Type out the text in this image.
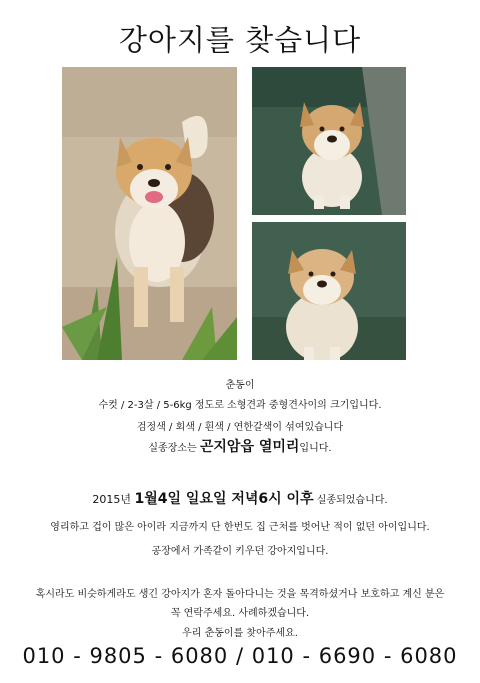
강아지를 찾습니다
춘동이
수컷 / 2-3살 / 5-6kg 정도로 소형견과 중형견사이의 크기입니다.
검정색 / 회색 / 흰색 / 연한갈색이 섞여있습니다
실종장소는 곤지암읍 열미리입니다.
2015년 1월4일 일요일 저녁6시 이후 실종되었습니다.
영리하고 겁이 많은 아이라 지금까지 단 한번도 집 근처를 벗어난 적이 없던 아이입니다.
공장에서 가족같이 키우던 강아지입니다.
혹시라도 비슷하게라도 생긴 강아지가 혼자 돌아다니는 것을 목격하셨거나 보호하고 계신 분은
꼭 연락주세요. 사례하겠습니다.
우리 춘동이를 찾아주세요.
010 - 9805 - 6080 / 010 - 6690 - 6080
